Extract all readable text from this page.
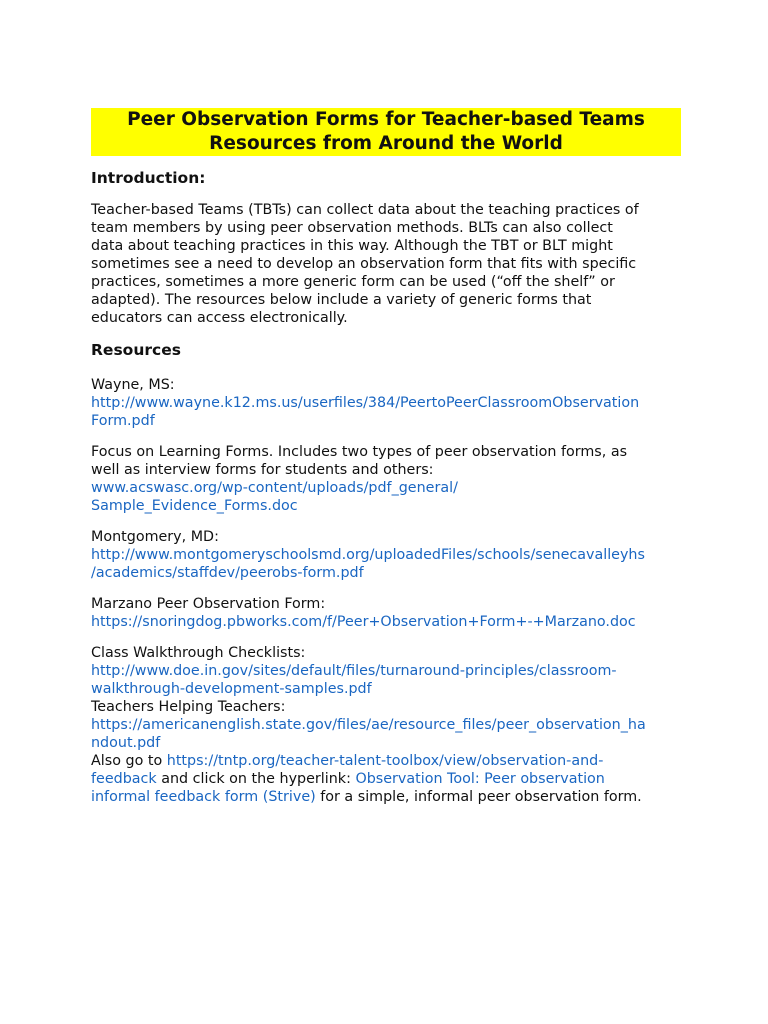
Peer Observation Forms for Teacher-based Teams
Resources from Around the World
Introduction:

Teacher-based Teams (TBTs) can collect data about the teaching practices of
team members by using peer observation methods. BLTs can also collect
data about teaching practices in this way. Although the TBT or BLT might
sometimes see a need to develop an observation form that fits with specific
practices, sometimes a more generic form can be used (“off the shelf” or
adapted). The resources below include a variety of generic forms that
educators can access electronically.

Resources
Wayne, MS:
http://www.wayne.k12.ms.us/userfiles/384/PeertoPeerClassroomObservation
Form.pdf
Focus on Learning Forms. Includes two types of peer observation forms, as
well as interview forms for students and others:
www.acswasc.org/wp-content/uploads/pdf_general/
Sample_Evidence_Forms.doc
Montgomery, MD:
http://www.montgomeryschoolsmd.org/uploadedFiles/schools/senecavalleyhs
/academics/staffdev/peerobs-form.pdf
Marzano Peer Observation Form:
https://snoringdog.pbworks.com/f/Peer+Observation+Form+-+Marzano.doc
Class Walkthrough Checklists:
http://www.doe.in.gov/sites/default/files/turnaround-principles/classroom-
walkthrough-development-samples.pdf
Teachers Helping Teachers:
https://americanenglish.state.gov/files/ae/resource_files/peer_observation_ha
ndout.pdf
Also go to https://tntp.org/teacher-talent-toolbox/view/observation-and-
feedback and click on the hyperlink: Observation Tool: Peer observation
informal feedback form (Strive) for a simple, informal peer observation form.
